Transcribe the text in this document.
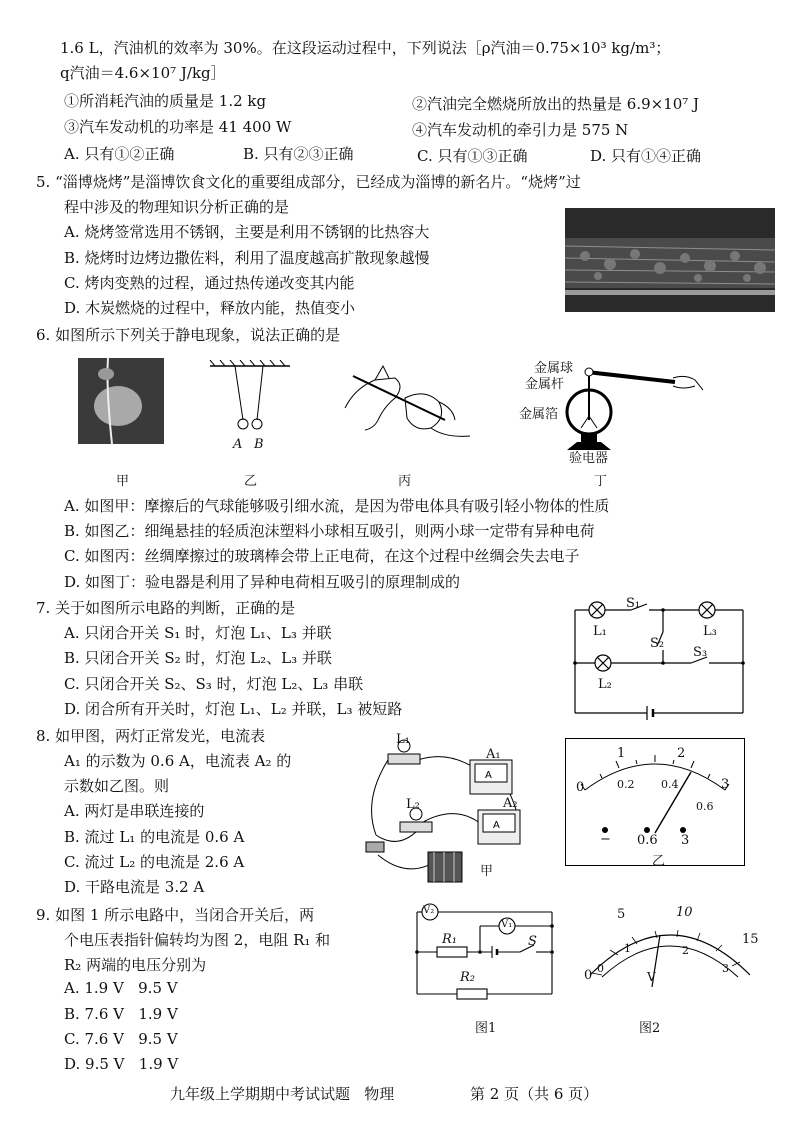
1.6 L，汽油机的效率为 30%。在这段运动过程中，下列说法［ρ汽油＝0.75×10³ kg/m³；
q汽油＝4.6×10⁷ J/kg］
①所消耗汽油的质量是 1.2 kg	②汽油完全燃烧所放出的热量是 6.9×10⁷ J
③汽车发动机的功率是 41 400 W	④汽车发动机的牵引力是 575 N
A. 只有①②正确	B. 只有②③正确	C. 只有①③正确	D. 只有①④正确
5. “淄博烧烤”是淄博饮食文化的重要组成部分，已经成为淄博的新名片。“烧烤”过
程中涉及的物理知识分析正确的是
A. 烧烤签常选用不锈钢，主要是利用不锈钢的比热容大
B. 烧烤时边烤边撒佐料，利用了温度越高扩散现象越慢
C. 烤肉变熟的过程，通过热传递改变其内能
D. 木炭燃烧的过程中，释放内能，热值变小
6. 如图所示下列关于静电现象，说法正确的是
甲
A B
乙	丙
金属球
金属杆
金属箔
验电器
丁
A. 如图甲：摩擦后的气球能够吸引细水流，是因为带电体具有吸引轻小物体的性质
B. 如图乙：细绳悬挂的轻质泡沫塑料小球相互吸引，则两小球一定带有异种电荷
C. 如图丙：丝绸摩擦过的玻璃棒会带上正电荷，在这个过程中丝绸会失去电子
D. 如图丁：验电器是利用了异种电荷相互吸引的原理制成的
7. 关于如图所示电路的判断，正确的是
A. 只闭合开关 S₁ 时，灯泡 L₁、L₃ 并联
B. 只闭合开关 S₂ 时，灯泡 L₂、L₃ 并联
C. 只闭合开关 S₂、S₃ 时，灯泡 L₂、L₃ 串联
D. 闭合所有开关时，灯泡 L₁、L₂ 并联，L₃ 被短路
S₁
L₁	L₃
S₂
S₃
L₂
8. 如甲图，两灯正常发光，电流表
A₁ 的示数为 0.6 A，电流表 A₂ 的
示数如乙图。则
A. 两灯是串联连接的
B. 流过 L₁ 的电流是 0.6 A
C. 流过 L₂ 的电流是 2.6 A
D. 干路电流是 3.2 A
A
A
L₁
A₁
L₂	A₂
甲
0
1	2
3
0.2 0.4
0.6
− 0.6 3
乙
9. 如图 1 所示电路中，当闭合开关后，两
个电压表指针偏转均为图 2，电阻 R₁ 和
R₂ 两端的电压分别为
A. 1.9 V   9.5 V
B. 7.6 V   1.9 V
C. 7.6 V   9.5 V
D. 9.5 V   1.9 V
V₂
V₁
R₁	S
R₂
图1
0
5	10
15
0
1	2
3
V
图2
九年级上学期期中考试试题   物理	第 2 页（共 6 页）
